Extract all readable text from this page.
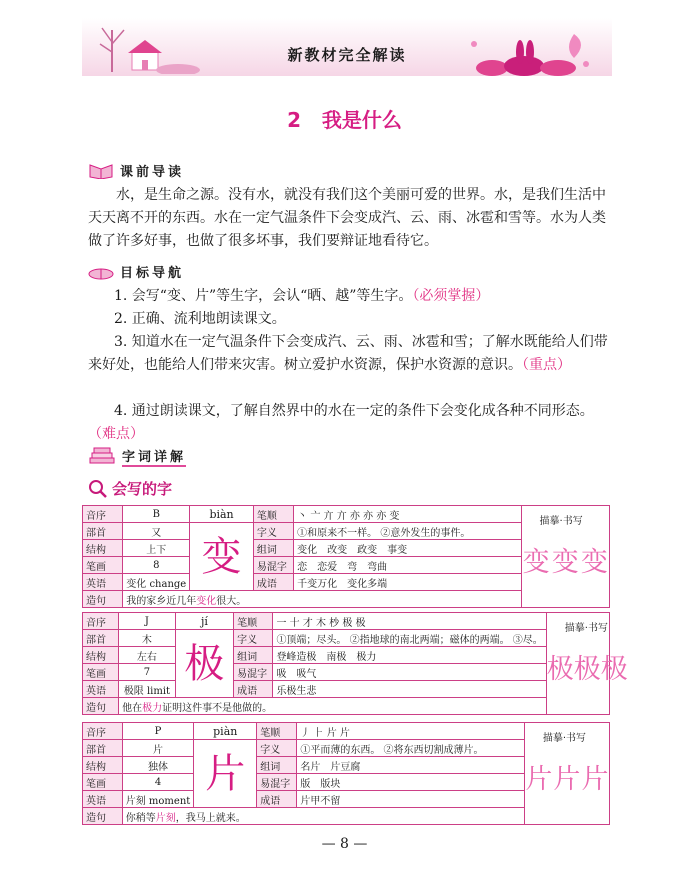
新教材完全解读
2 我是什么
课前导读
水，是生命之源。没有水，就没有我们这个美丽可爱的世界。水，是我们生活中天天离不开的东西。水在一定气温条件下会变成汽、云、雨、冰雹和雪等。水为人类做了许多好事，也做了很多坏事，我们要辩证地看待它。
目标导航
1. 会写“变、片”等生字，会认“晒、越”等生字。（必须掌握）
2. 正确、流利地朗读课文。
3. 知道水在一定气温条件下会变成汽、云、雨、冰雹和雪；了解水既能给人们带来好处，也能给人们带来灾害。树立爱护水资源，保护水资源的意识。（重点）
4. 通过朗读课文，了解自然界中的水在一定的条件下会变化成各种不同形态。（难点）
字词详解
会写的字
音序	B	biàn	笔顺	丶 亠 亣 亣 亦 亦 亦 变	描摹·书写
变 变 变

部首	又	变	字义	①和原来不一样。 ②意外发生的事件。	
结构	上下		组词	变化　改变　政变　事变	
笔画	8		易混字	恋　恋爱　弯　弯曲	
英语	变化 change		成语	千变万化　变化多端	
造句	我的家乡近几年变化很大。				
音序	J	jí	笔顺	一 十 才 木 杪 极 极	描摹·书写
极 极 极

部首	木	极	字义	①顶端；尽头。 ②指地球的南北两端；磁体的两端。 ③尽。	
结构	左右		组词	登峰造极　南极　极力	
笔画	7		易混字	吸　吸气	
英语	极限 limit		成语	乐极生悲	
造句	他在极力证明这件事不是他做的。				
音序	P	piàn	笔顺	丿 ⺊ 片 片	描摹·书写
片 片 片

部首	片	片	字义	①平而薄的东西。 ②将东西切割成薄片。	
结构	独体		组词	名片　片豆腐	
笔画	4		易混字	版　版块	
英语	片刻 moment		成语	片甲不留	
造句	你稍等片刻，我马上就来。				
— 8 —
